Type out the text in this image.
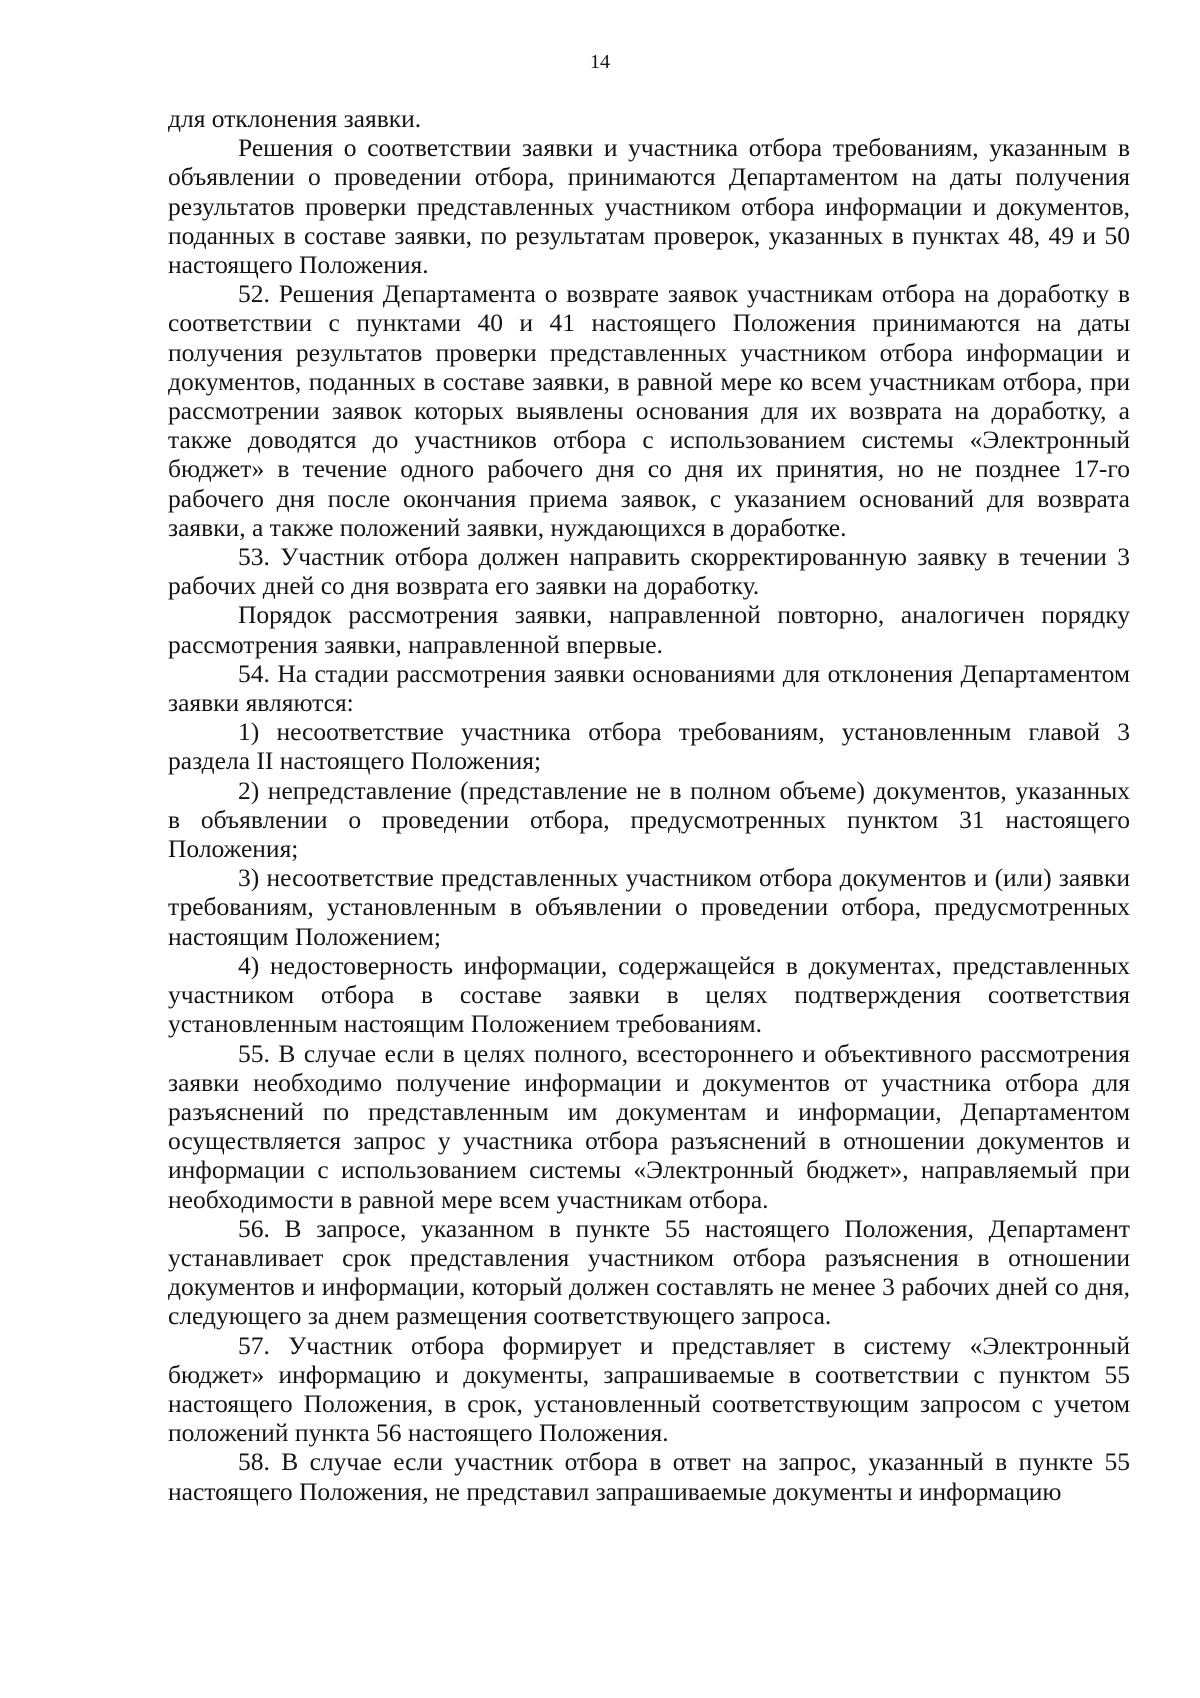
14

для отклонения заявки.

Решения о соответствии заявки и участника отбора требованиям, указанным в объявлении о проведении отбора, принимаются Департаментом на даты получения результатов проверки представленных участником отбора информации и документов, поданных в составе заявки, по результатам проверок, указанных в пунктах 48, 49 и 50 настоящего Положения.

52. Решения Департамента о возврате заявок участникам отбора на доработку в соответствии с пунктами 40 и 41 настоящего Положения принимаются на даты получения результатов проверки представленных участником отбора информации и документов, поданных в составе заявки, в равной мере ко всем участникам отбора, при рассмотрении заявок которых выявлены основания для их возврата на доработку, а также доводятся до участников отбора с использованием системы «Электронный бюджет» в течение одного рабочего дня со дня их принятия, но не позднее 17-го рабочего дня после окончания приема заявок, с указанием оснований для возврата заявки, а также положений заявки, нуждающихся в доработке.

53. Участник отбора должен направить скорректированную заявку в течении 3 рабочих дней со дня возврата его заявки на доработку.

Порядок рассмотрения заявки, направленной повторно, аналогичен порядку рассмотрения заявки, направленной впервые.

54. На стадии рассмотрения заявки основаниями для отклонения Департаментом заявки являются:

1) несоответствие участника отбора требованиям, установленным главой 3 раздела II настоящего Положения;

2) непредставление (представление не в полном объеме) документов, указанных в объявлении о проведении отбора, предусмотренных пунктом 31 настоящего Положения;

3) несоответствие представленных участником отбора документов и (или) заявки требованиям, установленным в объявлении о проведении отбора, предусмотренных настоящим Положением;

4) недостоверность информации, содержащейся в документах, представленных участником отбора в составе заявки в целях подтверждения соответствия установленным настоящим Положением требованиям.

55. В случае если в целях полного, всестороннего и объективного рассмотрения заявки необходимо получение информации и документов от участника отбора для разъяснений по представленным им документам и информации, Департаментом осуществляется запрос у участника отбора разъяснений в отношении документов и информации с использованием системы «Электронный бюджет», направляемый при необходимости в равной мере всем участникам отбора.

56. В запросе, указанном в пункте 55 настоящего Положения, Департамент устанавливает срок представления участником отбора разъяснения в отношении документов и информации, который должен составлять не менее 3 рабочих дней со дня, следующего за днем размещения соответствующего запроса.

57. Участник отбора формирует и представляет в систему «Электронный бюджет» информацию и документы, запрашиваемые в соответствии с пунктом 55 настоящего Положения, в срок, установленный соответствующим запросом с учетом положений пункта 56 настоящего Положения.

58. В случае если участник отбора в ответ на запрос, указанный в пункте 55 настоящего Положения, не представил запрашиваемые документы и информацию
